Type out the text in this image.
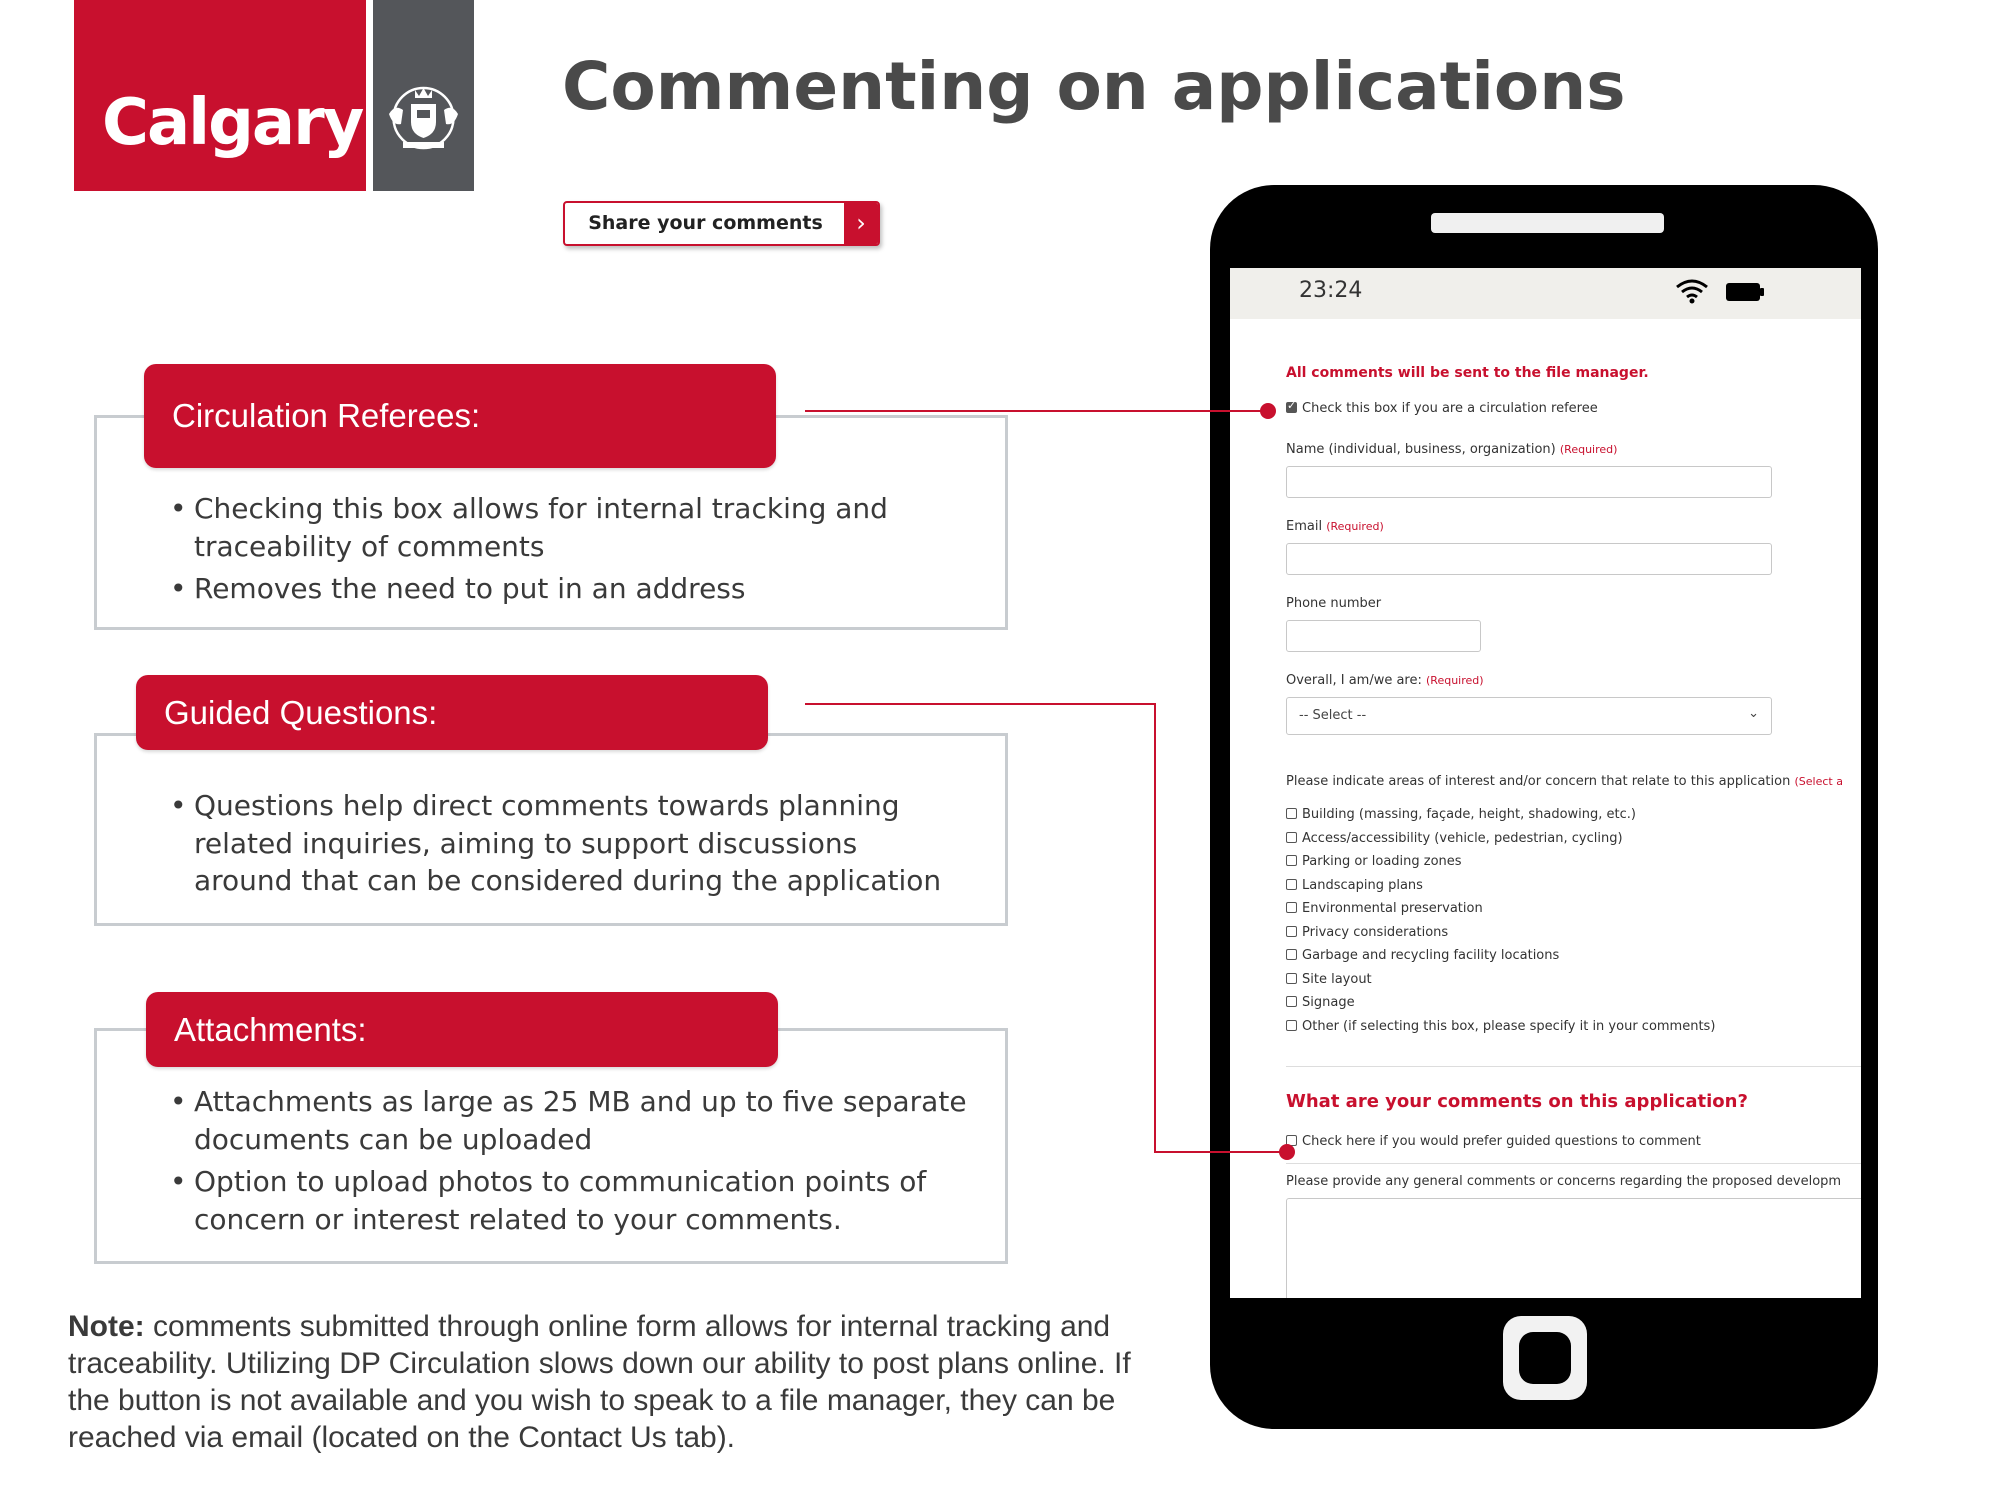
Calgary	Commenting on applications
Share your comments	›
Circulation Referees:
• Checking this box allows for internal tracking and traceability of comments
• Removes the need to put in an address
Guided Questions:
• Questions help direct comments towards planning related inquiries, aiming to support discussions around that can be considered during the application
Attachments:
• Attachments as large as 25 MB and up to five separate documents can be uploaded
• Option to upload photos to communication points of concern or interest related to your comments.
Note: comments submitted through online form allows for internal tracking and traceability. Utilizing DP Circulation slows down our ability to post plans online. If the button is not available and you wish to speak to a file manager, they can be reached via email (located on the Contact Us tab).
23:24
All comments will be sent to the file manager.
✓Check this box if you are a circulation referee
Name (individual, business, organization) (Required)
Email (Required)
Phone number
Overall, I am/we are: (Required)
-- Select --	⌄
Please indicate areas of interest and/or concern that relate to this application (Select a
Building (massing, façade, height, shadowing, etc.)
Access/accessibility (vehicle, pedestrian, cycling)
Parking or loading zones
Landscaping plans
Environmental preservation
Privacy considerations
Garbage and recycling facility locations
Site layout
Signage
Other (if selecting this box, please specify it in your comments)
What are your comments on this application?
Check here if you would prefer guided questions to comment
Please provide any general comments or concerns regarding the proposed developm
